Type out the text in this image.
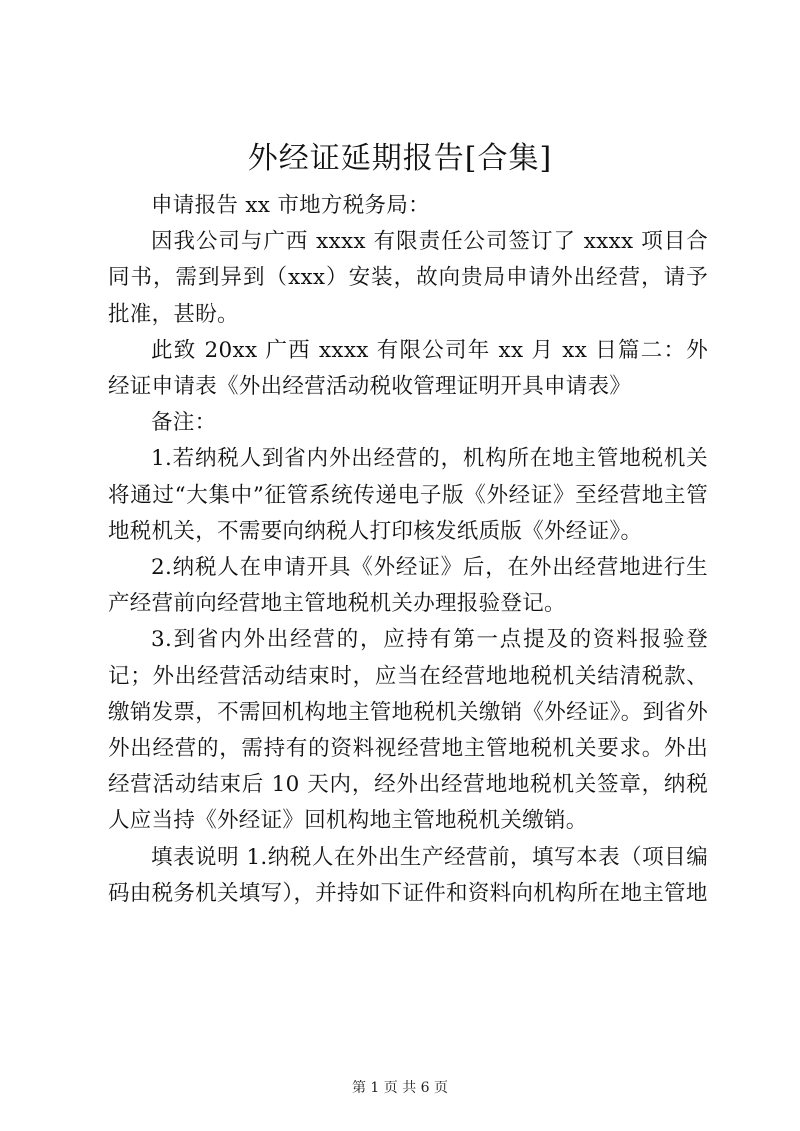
外经证延期报告[合集]

申请报告 xx 市地方税务局：

因我公司与广西 xxxx 有限责任公司签订了 xxxx 项目合同书，需到异到（xxx）安装，故向贵局申请外出经营，请予批准，甚盼。

此致 20xx 广西 xxxx 有限公司年 xx 月 xx 日篇二：外经证申请表《外出经营活动税收管理证明开具申请表》

备注：

1.若纳税人到省内外出经营的，机构所在地主管地税机关将通过“大集中”征管系统传递电子版《外经证》至经营地主管地税机关，不需要向纳税人打印核发纸质版《外经证》。

2.纳税人在申请开具《外经证》后，在外出经营地进行生产经营前向经营地主管地税机关办理报验登记。

3.到省内外出经营的，应持有第一点提及的资料报验登记；外出经营活动结束时，应当在经营地地税机关结清税款、缴销发票，不需回机构地主管地税机关缴销《外经证》。到省外外出经营的，需持有的资料视经营地主管地税机关要求。外出经营活动结束后 10 天内，经外出经营地地税机关签章，纳税人应当持《外经证》回机构地主管地税机关缴销。

填表说明 1.纳税人在外出生产经营前，填写本表（项目编码由税务机关填写），并持如下证件和资料向机构所在地主管地

第 1 页 共 6 页
